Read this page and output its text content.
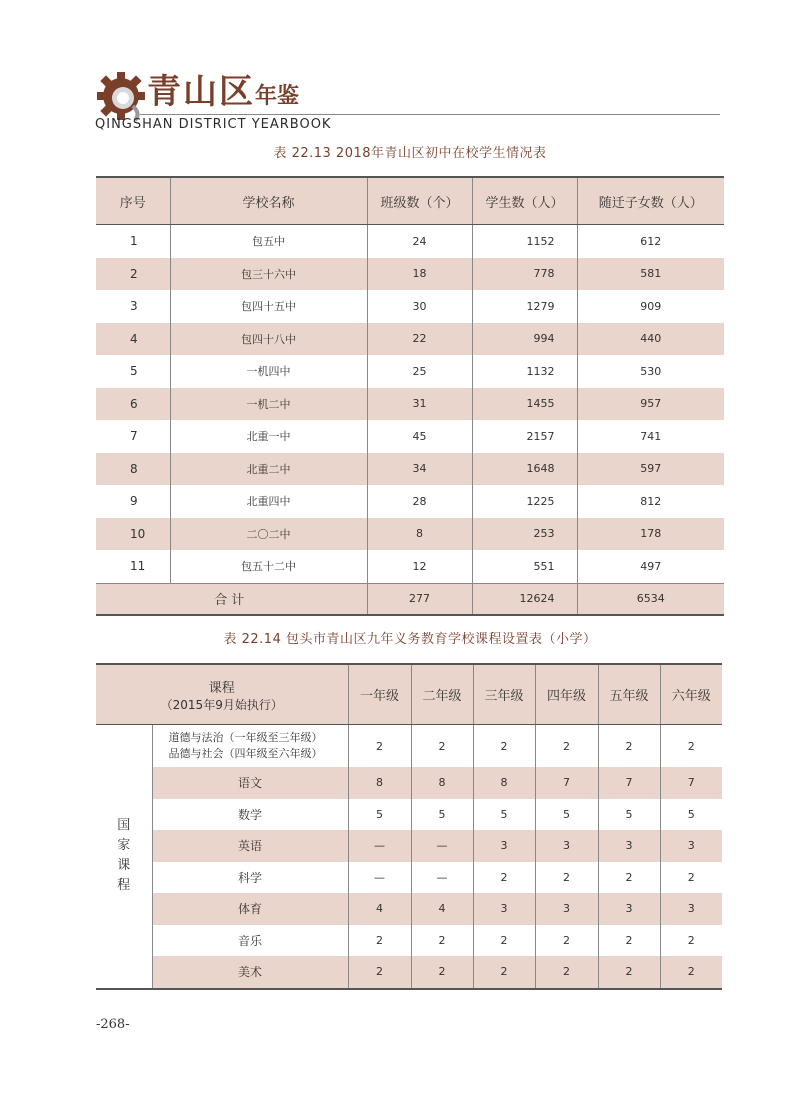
青山区年鉴
QINGSHAN DISTRICT YEARBOOK
表 22.13 2018年青山区初中在校学生情况表
序号	学校名称	班级数（个）	学生数（人）	随迁子女数（人）
1	包五中	24	1152	612
2	包三十六中	18	778	581
3	包四十五中	30	1279	909
4	包四十八中	22	994	440
5	一机四中	25	1132	530
6	一机二中	31	1455	957
7	北重一中	45	2157	741
8	北重二中	34	1648	597
9	北重四中	28	1225	812
10	二〇二中	8	253	178
11	包五十二中	12	551	497
合计		277	12624	6534
表 22.14 包头市青山区九年义务教育学校课程设置表（小学）
课程
（2015年9月始执行）		一年级	二年级	三年级	四年级	五年级	六年级

国家课程	道德与法治（一年级至三年级）
品德与社会（四年级至六年级）	2	2	2	2	2	2
	语文	8	8	8	7	7	7
	数学	5	5	5	5	5	5
	英语	—	—	3	3	3	3
	科学	—	—	2	2	2	2
	体育	4	4	3	3	3	3
	音乐	2	2	2	2	2	2
	美术	2	2	2	2	2	2
-268-
